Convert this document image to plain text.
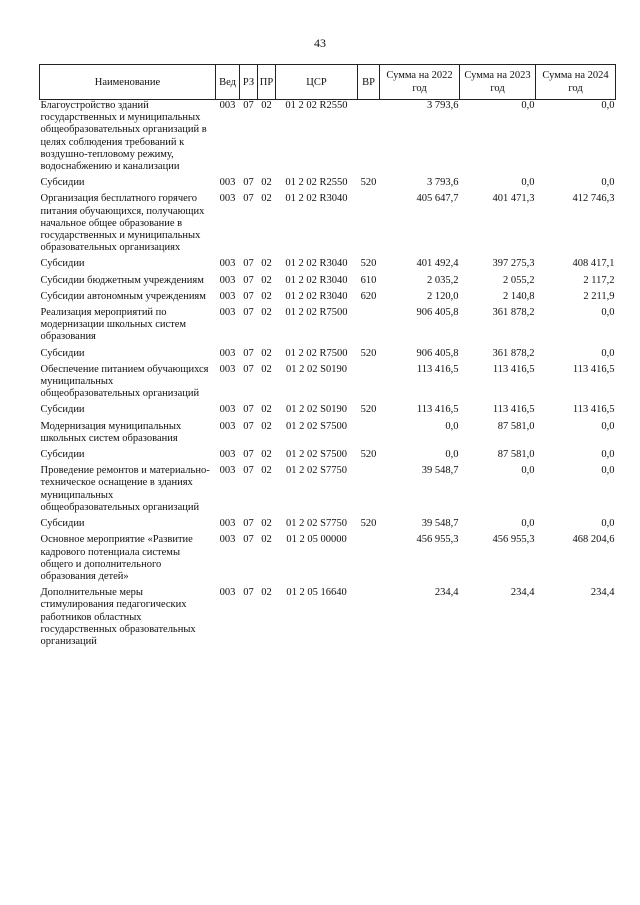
43
Наименование	Вед	РЗ	ПР	ЦСР	ВР	Сумма на 2022 год	Сумма на 2023 год	Сумма на 2024 год
Благоустройство зданий государственных и муниципальных общеобразовательных организаций в целях соблюдения требований к воздушно-тепловому режиму, водоснабжению и канализации	003	07	02	01 2 02 R2550		3 793,6	0,0	0,0
Субсидии	003	07	02	01 2 02 R2550	520	3 793,6	0,0	0,0
Организация бесплатного горячего питания обучающихся, получающих начальное общее образование в государственных и муниципальных образовательных организациях	003	07	02	01 2 02 R3040		405 647,7	401 471,3	412 746,3
Субсидии	003	07	02	01 2 02 R3040	520	401 492,4	397 275,3	408 417,1
Субсидии бюджетным учреждениям	003	07	02	01 2 02 R3040	610	2 035,2	2 055,2	2 117,2
Субсидии автономным учреждениям	003	07	02	01 2 02 R3040	620	2 120,0	2 140,8	2 211,9
Реализация мероприятий по модернизации школьных систем образования	003	07	02	01 2 02 R7500		906 405,8	361 878,2	0,0
Субсидии	003	07	02	01 2 02 R7500	520	906 405,8	361 878,2	0,0
Обеспечение питанием обучающихся муниципальных общеобразовательных организаций	003	07	02	01 2 02 S0190		113 416,5	113 416,5	113 416,5
Субсидии	003	07	02	01 2 02 S0190	520	113 416,5	113 416,5	113 416,5
Модернизация муниципальных школьных систем образования	003	07	02	01 2 02 S7500		0,0	87 581,0	0,0
Субсидии	003	07	02	01 2 02 S7500	520	0,0	87 581,0	0,0
Проведение ремонтов и материально-техническое оснащение в зданиях муниципальных общеобразовательных организаций	003	07	02	01 2 02 S7750		39 548,7	0,0	0,0
Субсидии	003	07	02	01 2 02 S7750	520	39 548,7	0,0	0,0
Основное мероприятие «Развитие кадрового потенциала системы общего и дополнительного образования детей»	003	07	02	01 2 05 00000		456 955,3	456 955,3	468 204,6
Дополнительные меры стимулирования педагогических работников областных государственных образовательных организаций	003	07	02	01 2 05 16640		234,4	234,4	234,4
